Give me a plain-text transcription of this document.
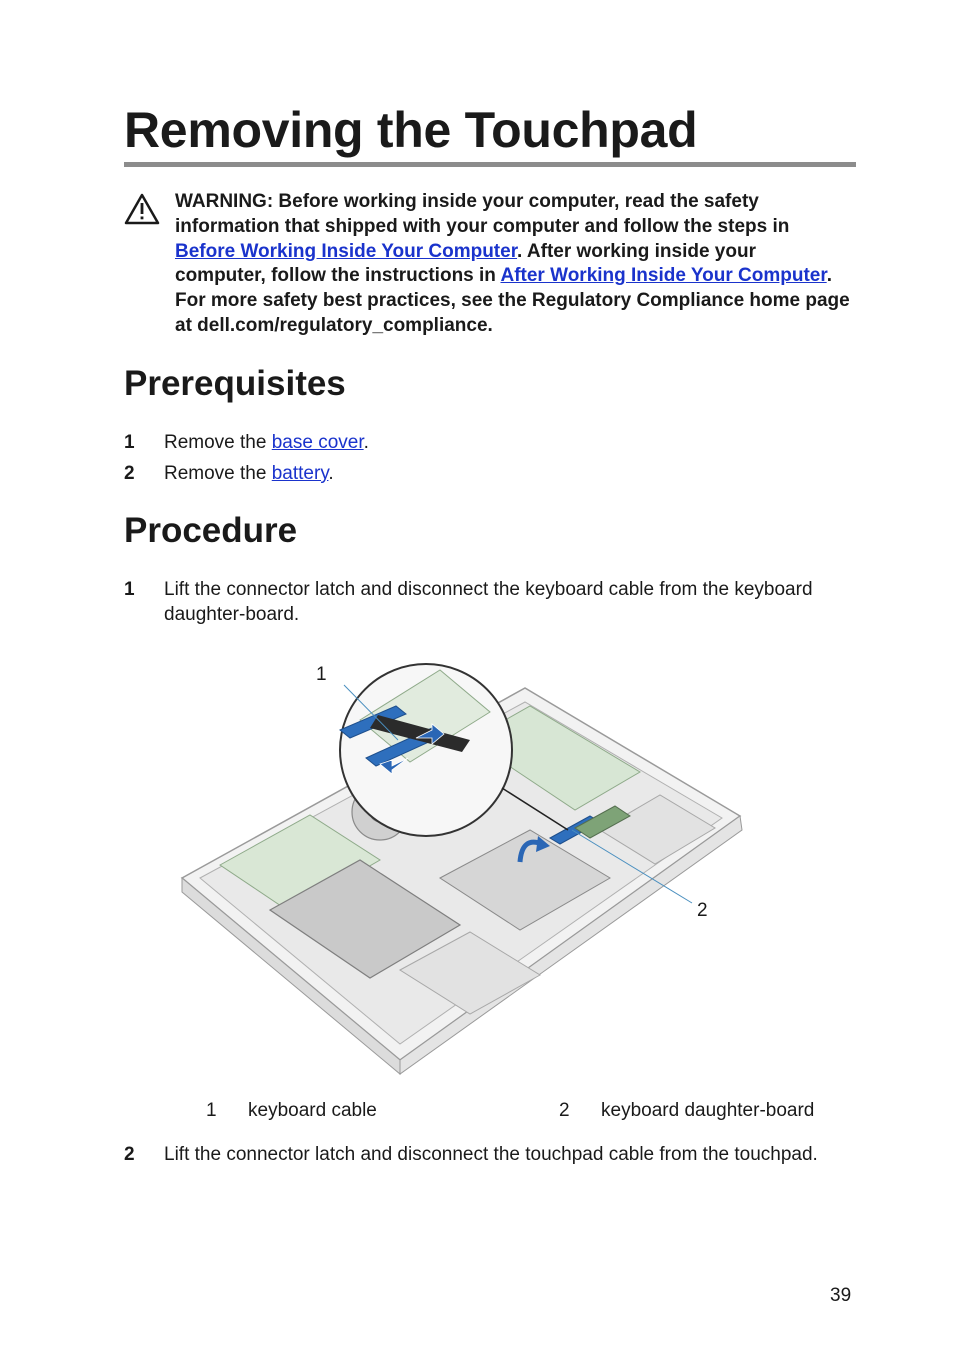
Removing the Touchpad
WARNING: Before working inside your computer, read the safety information that shipped with your computer and follow the steps in Before Working Inside Your Computer. After working inside your computer, follow the instructions in After Working Inside Your Computer. For more safety best practices, see the Regulatory Compliance home page at dell.com/regulatory_compliance.
Prerequisites
1 Remove the base cover.
2 Remove the battery.
Procedure
1 Lift the connector latch and disconnect the keyboard cable from the keyboard daughter-board.
1
2
1 keyboard cable	2 keyboard daughter-board
2 Lift the connector latch and disconnect the touchpad cable from the touchpad.
39
